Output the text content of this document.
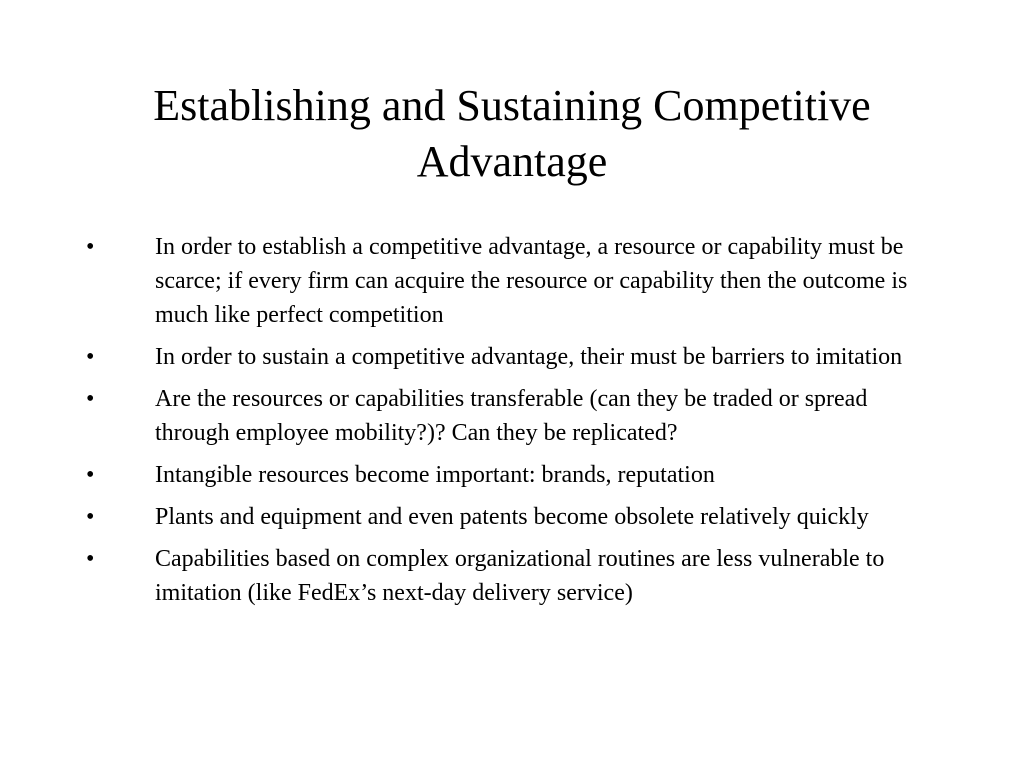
Establishing and Sustaining Competitive Advantage
•	In order to establish a competitive advantage, a resource or capability must be scarce; if every firm can acquire the resource or capability then the outcome is much like perfect competition
•	In order to sustain a competitive advantage, their must be barriers to imitation
•	Are the resources or capabilities transferable (can they be traded or spread through employee mobility?)? Can they be replicated?
•	Intangible resources become important: brands, reputation
•	Plants and equipment and even patents become obsolete relatively quickly
•	Capabilities based on complex organizational routines are less vulnerable to imitation (like FedEx’s next-day delivery service)
